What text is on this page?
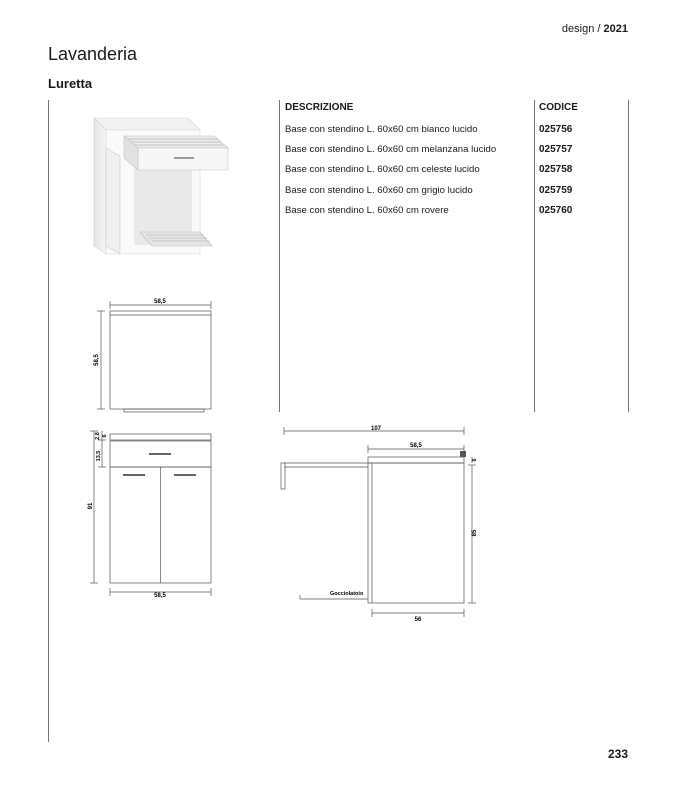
design / 2021
Lavanderia
Luretta
DESCRIZIONE	CODICE
Base con stendino L. 60x60 cm bianco lucido	025756
Base con stendino L. 60x60 cm melanzana lucido	025757
Base con stendino L. 60x60 cm celeste lucido	025758
Base con stendino L. 60x60 cm grigio lucido	025759
Base con stendino L. 60x60 cm rovere	025760
58,5
58,5
91
2,8 6
13,5
58,5
107
58,5
6
85
Gocciolatoio
56
233
